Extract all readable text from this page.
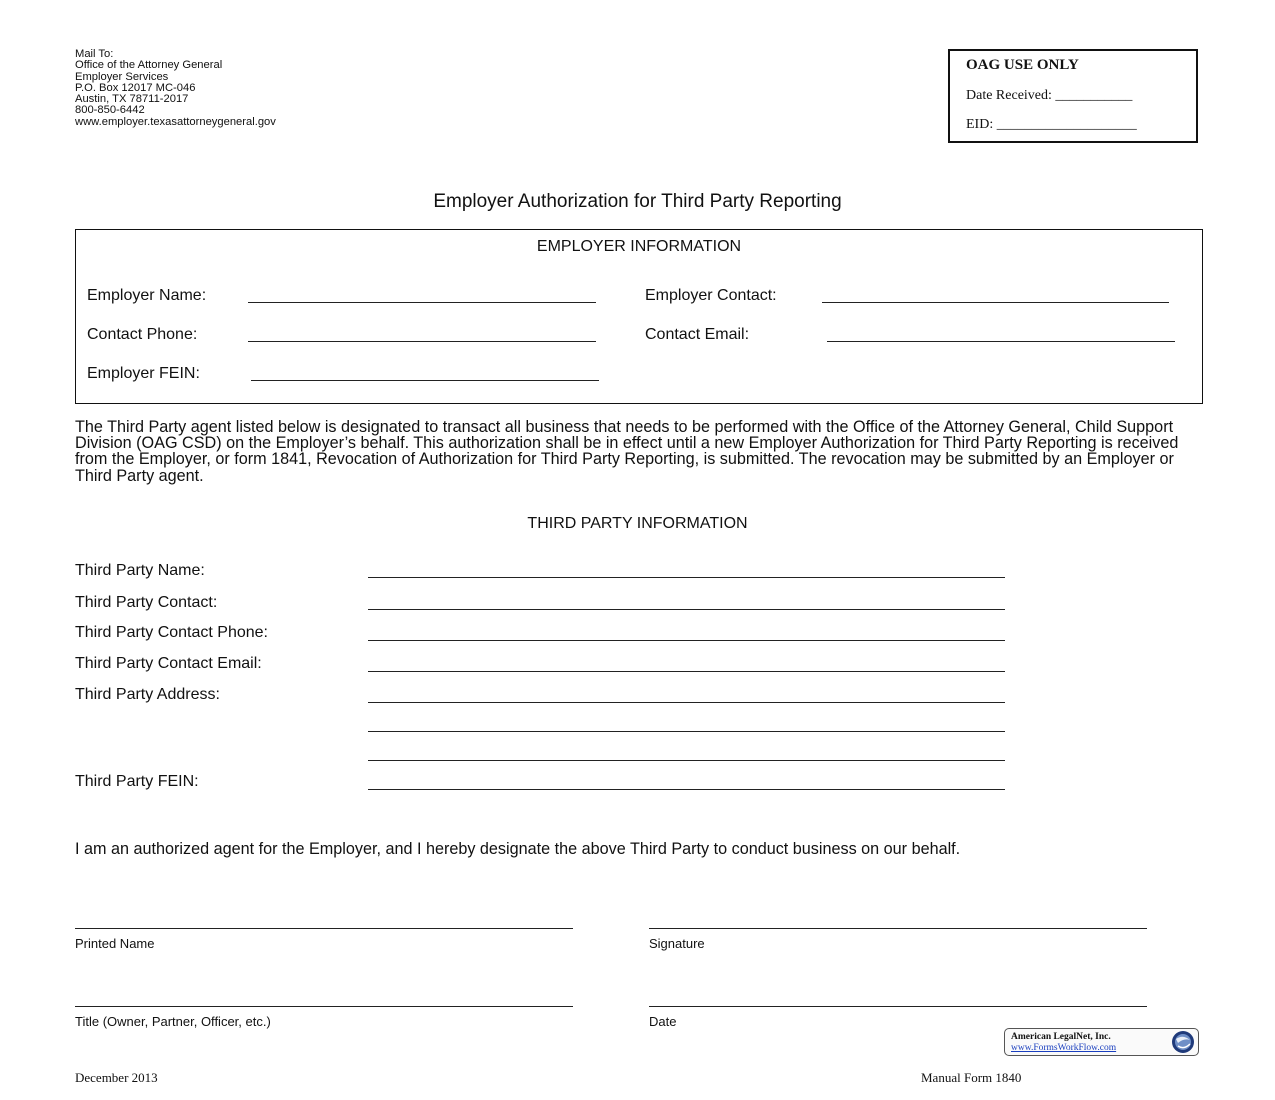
Mail To:
Office of the Attorney General
Employer Services
P.O. Box 12017 MC-046
Austin, TX 78711-2017
800-850-6442
www.employer.texasattorneygeneral.gov
OAG USE ONLY
Date Received: ___________
EID: ____________________
Employer Authorization for Third Party Reporting
EMPLOYER INFORMATION
Employer Name:	Employer Contact:
Contact Phone:	Contact Email:
Employer FEIN:
The Third Party agent listed below is designated to transact all business that needs to be performed with the Office of the Attorney General, Child Support Division (OAG CSD) on the Employer’s behalf. This authorization shall be in effect until a new Employer Authorization for Third Party Reporting is received from the Employer, or form 1841, Revocation of Authorization for Third Party Reporting, is submitted. The revocation may be submitted by an Employer or Third Party agent.
THIRD PARTY INFORMATION
Third Party Name:
Third Party Contact:
Third Party Contact Phone:
Third Party Contact Email:
Third Party Address:
Third Party FEIN:
I am an authorized agent for the Employer, and I hereby designate the above Third Party to conduct business on our behalf.
Printed Name	Signature
Title (Owner, Partner, Officer, etc.)	Date
American LegalNet, Inc.
www.FormsWorkFlow.com
December 2013	Manual Form 1840
